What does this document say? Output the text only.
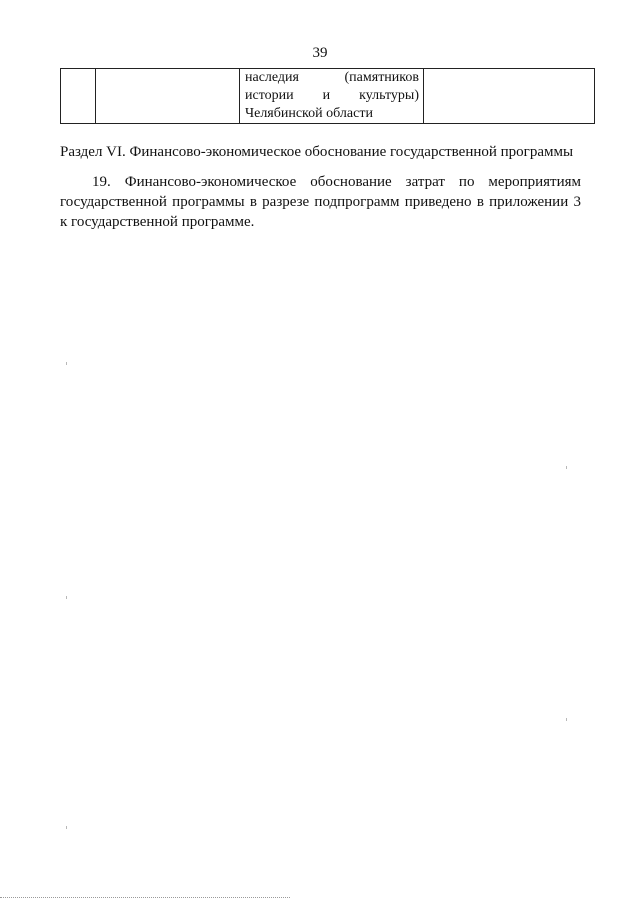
39

наследия (памятников
истории и культуры)
Челябинской области

Раздел VI. Финансово-экономическое обоснование государственной программы
19. Финансово-экономическое обоснование затрат по мероприятиям
государственной программы в разрезе подпрограмм приведено в приложении 3
к государственной программе.
